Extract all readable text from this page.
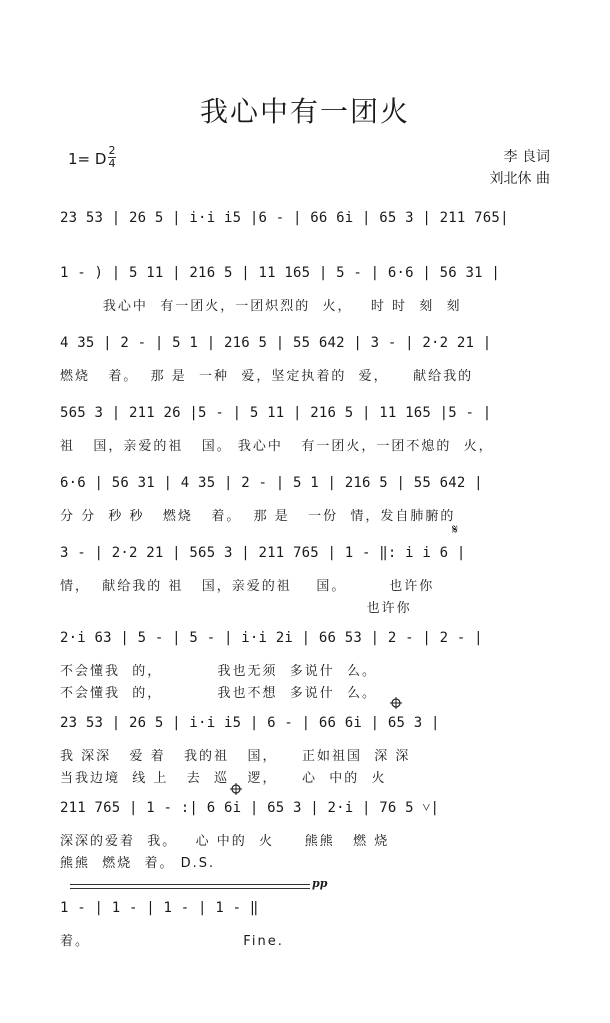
我心中有一团火
1= D 2
4	李 良词
刘北休 曲
23 53 | 26 5 | i·i i5 |6 - | 66 6i | 65 3 | 211 765|
1 - ) | 5 11 | 216 5 | 11 165 | 5 - | 6·6 | 56 31 |
我心中  有一团火，一团炽烈的  火，   时 时  刻  刻
4 35 | 2 - | 5 1 | 216 5 | 55 642 | 3 - | 2·2 21 |
燃烧   着。  那 是  一种  爱，坚定执着的  爱，    献给我的
565 3 | 211 26 |5 - | 5 11 | 216 5 | 11 165 |5 - |
祖   国，亲爱的祖   国。 我心中   有一团火，一团不熄的  火，
6·6 | 56 31 | 4 35 | 2 - | 5 1 | 216 5 | 55 642 |
分 分  秒 秒   燃烧   着。  那 是   一份  情，发自肺腑的
3 - | 2·2 21 | 565 3 | 211 765 | 1 - ‖: i i 6 |
情，  献给我的 祖   国，亲爱的祖    国。       也许你
也许你
2·i 63 | 5 - | 5 - | i·i 2i | 66 53 | 2 - | 2 - |
不会懂我  的，         我也无须  多说什  么。
不会懂我  的，         我也不想  多说什  么。
23 53 | 26 5 | i·i i5 | 6 - | 66 6i | 65 3 |
我 深深   爱 着   我的祖   国，    正如祖国  深 深
当我边境  线 上   去  巡   逻，    心  中的  火
211 765 | 1 - :| 6 6i | 65 3 | 2·i | 76 5 ˅|
深深的爱着  我。   心 中的  火     熊熊   燃 烧
熊熊  燃烧  着。 D.S.
1 - | 1 - | 1 - | 1 - ‖
着。                         Fine.
𝄋
pp
